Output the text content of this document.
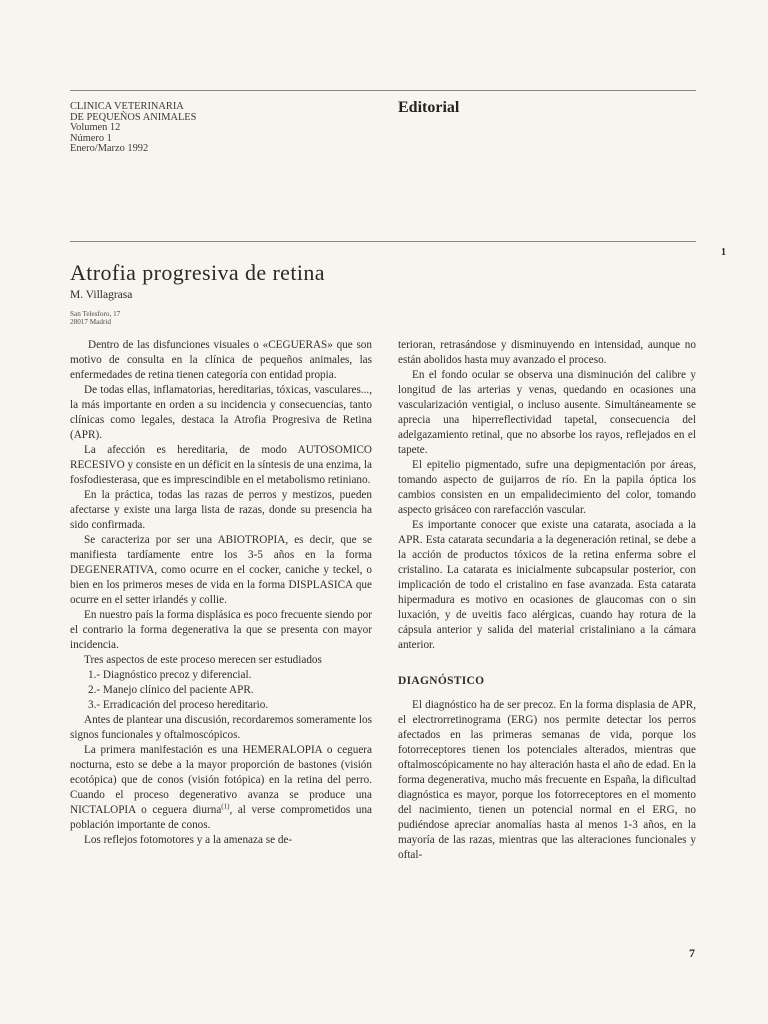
CLINICA VETERINARIA
DE PEQUEÑOS ANIMALES
Volumen 12
Número 1
Enero/Marzo 1992
Editorial
1
Atrofia progresiva de retina
M. Villagrasa
San Telesforo, 17
28017 Madrid

Dentro de las disfunciones visuales o «CEGUERAS» que son motivo de consulta en la clínica de pequeños animales, las enfermedades de retina tienen categoría con entidad propia.

De todas ellas, inflamatorias, hereditarias, tóxicas, vasculares..., la más importante en orden a su incidencia y consecuencias, tanto clínicas como legales, destaca la Atrofia Progresiva de Retina (APR).

La afección es hereditaria, de modo AUTOSOMICO RECESIVO y consiste en un déficit en la síntesis de una enzima, la fosfodiesterasa, que es imprescindible en el metabolismo retiniano.

En la práctica, todas las razas de perros y mestizos, pueden afectarse y existe una larga lista de razas, donde su presencia ha sido confirmada.

Se caracteriza por ser una ABIOTROPIA, es decir, que se manifiesta tardíamente entre los 3-5 años en la forma DEGENERATIVA, como ocurre en el cocker, caniche y teckel, o bien en los primeros meses de vida en la forma DISPLASICA que ocurre en el setter irlandés y collie.

En nuestro país la forma displásica es poco frecuente siendo por el contrario la forma degenerativa la que se presenta con mayor incidencia.

Tres aspectos de este proceso merecen ser estudiados

1.- Diagnóstico precoz y diferencial.

2.- Manejo clínico del paciente APR.

3.- Erradicación del proceso hereditario.

Antes de plantear una discusión, recordaremos someramente los signos funcionales y oftalmoscópicos.

La primera manifestación es una HEMERALOPIA o ceguera nocturna, esto se debe a la mayor proporción de bastones (visión ecotópica) que de conos (visión fotópica) en la retina del perro. Cuando el proceso degenerativo avanza se produce una NICTALOPIA o ceguera diurna$^{(1)}$, al verse comprometidos una población importante de conos.

Los reflejos fotomotores y a la amenaza se de-

terioran, retrasándose y disminuyendo en intensidad, aunque no están abolidos hasta muy avanzado el proceso.

En el fondo ocular se observa una disminución del calibre y longitud de las arterias y venas, quedando en ocasiones una vascularización ventigial, o incluso ausente. Simultáneamente se aprecia una hiperreflectividad tapetal, consecuencia del adelgazamiento retinal, que no absorbe los rayos, reflejados en el tapete.

El epitelio pigmentado, sufre una depigmentación por áreas, tomando aspecto de guijarros de río. En la papila óptica los cambios consisten en un empalidecimiento del color, tomando aspecto grisáceo con rarefacción vascular.

Es importante conocer que existe una catarata, asociada a la APR. Esta catarata secundaria a la degeneración retinal, se debe a la acción de productos tóxicos de la retina enferma sobre el cristalino. La catarata es inicialmente subcapsular posterior, con implicación de todo el cristalino en fase avanzada. Esta catarata hipermadura es motivo en ocasiones de glaucomas con o sin luxación, y de uveitis faco alérgicas, cuando hay rotura de la cápsula anterior y salida del material cristaliniano a la cámara anterior.

DIAGNÓSTICO

El diagnóstico ha de ser precoz. En la forma displasia de APR, el electrorretinograma (ERG) nos permite detectar los perros afectados en las primeras semanas de vida, porque los fotorreceptores tienen los potenciales alterados, mientras que oftalmoscópicamente no hay alteración hasta el año de edad. En la forma degenerativa, mucho más frecuente en España, la dificultad diagnóstica es mayor, porque los fotorreceptores en el momento del nacimiento, tienen un potencial normal en el ERG, no pudiéndose apreciar anomalías hasta al menos 1-3 años, en la mayoría de las razas, mientras que las alteraciones funcionales y oftal-

7
